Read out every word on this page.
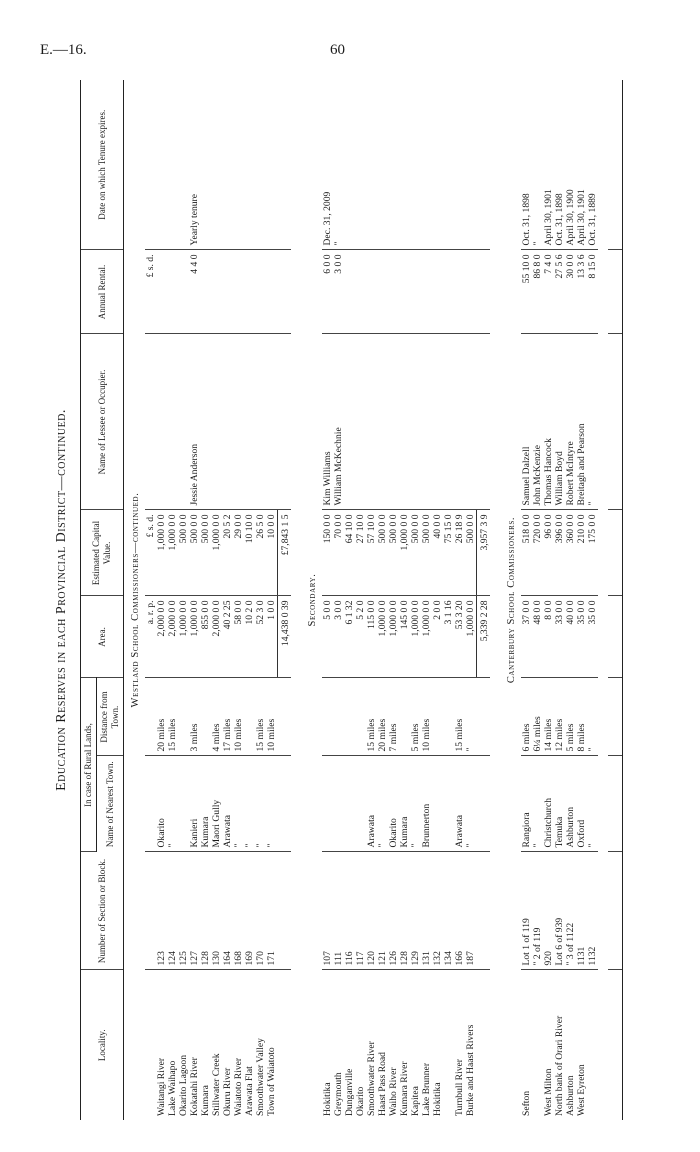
E.—16.	60
Education Reserves in each Provincial District—continued.
Locality.	Number of Section or Block.	In case of Rural Lands,		Area.	Estimated Capital Value.	Name of Lessee or Occupier.	Annual Rental.	Date on which Tenure expires.
		Name of Nearest Town.	Distance from Town.					
Westland School Commissioners—continued.								
				a. r. p.	£ s. d.		£ s. d.	
Waitangi River	123	Okarito	20 miles	2,000 0 0	1,000 0 0			
Lake Waihapo	124	"	15 miles	2,000 0 0	1,000 0 0			
Okarito Lagoon	125			1,000 0 0	500 0 0			
Kokatahi River	127	Kanieri	3 miles	1,000 0 0	500 0 0	Jessie Anderson	4 4 0	Yearly tenure
Kumara	128	Kumara		855 0 0	500 0 0			
Stillwater Creek	130	Maori Gully	4 miles	2,000 0 0	1,000 0 0			
Okuru River	164	Arawata	17 miles	40 2 25	20 5 2			
Waiatoto River	168	"	10 miles	58 0 0	29 0 0			
Arawata Flat	169	"		10 2 0	10 10 0			
Smoothwater Valley	170	"	15 miles	52 3 0	26 5 0			
Town of Waiatoto	171	"	10 miles	1 0 0	10 0 0			
				14,438 0 39	£7,843 1 5			

Secondary.								
Hokitika	107			5 0 0	150 0 0	Kim Williams	6 0 0	Dec. 31, 2009
Greymouth	111			3 0 0	70 0 0	William McKechnie	3 0 0	"
Dunganville	116			6 1 32	64 10 0			
Okarito	117			5 2 0	27 10 0			
Smoothwater River	120	Arawata	15 miles	115 0 0	57 10 0			
Haast Pass Road	121	"	20 miles	1,000 0 0	500 0 0			
Waiho River	126	Okarito	7 miles	1,000 0 0	500 0 0			
Kumara River	128	Kumara		145 0 0	1,000 0 0			
Kapitea	129	"	5 miles	1,000 0 0	500 0 0			
Lake Brunner	131	Brunnerton	10 miles	1,000 0 0	500 0 0			
Hokitika	132			2 0 0	40 0 0			
	134			3 1 16	75 15 0			
Turnbull River	166	Arawata	15 miles	53 3 20	26 18 9			
Burke and Haast Rivers	187	"	"	1,000 0 0	500 0 0			
				5,339 2 28	3,957 3 9			

Canterbury School Commissioners.								
Sefton	Lot 1 of 119	Rangiora	6 miles	37 0 0	518 0 0	Samuel Dalzell	55 10 0	Oct. 31, 1898
	" 2 of 119	"	6¼ miles	48 0 0	720 0 0	John McKenzie	86 8 0	"
West Milton	920	Christchurch	14 miles	8 0 0	96 0 0	Thomas Hancock	7 4 0	April 30, 1901
North bank of Orari River	Lot 6 of 939	Temuka	12 miles	33 0 0	396 0 0	William Boyd	27 5 6	Oct. 31, 1898
Ashburton	" 3 of 1122	Ashburton	5 miles	40 0 0	360 0 0	Robert McIntyre	30 0 0	April 30, 1900
West Eyreton	1131	Oxford	8 miles	35 0 0	210 0 0	Breitagh and Pearson	13 3 6	April 30, 1901
	1132	"	"	35 0 0	175 0 0	"	8 15 0	Oct. 31, 1889
